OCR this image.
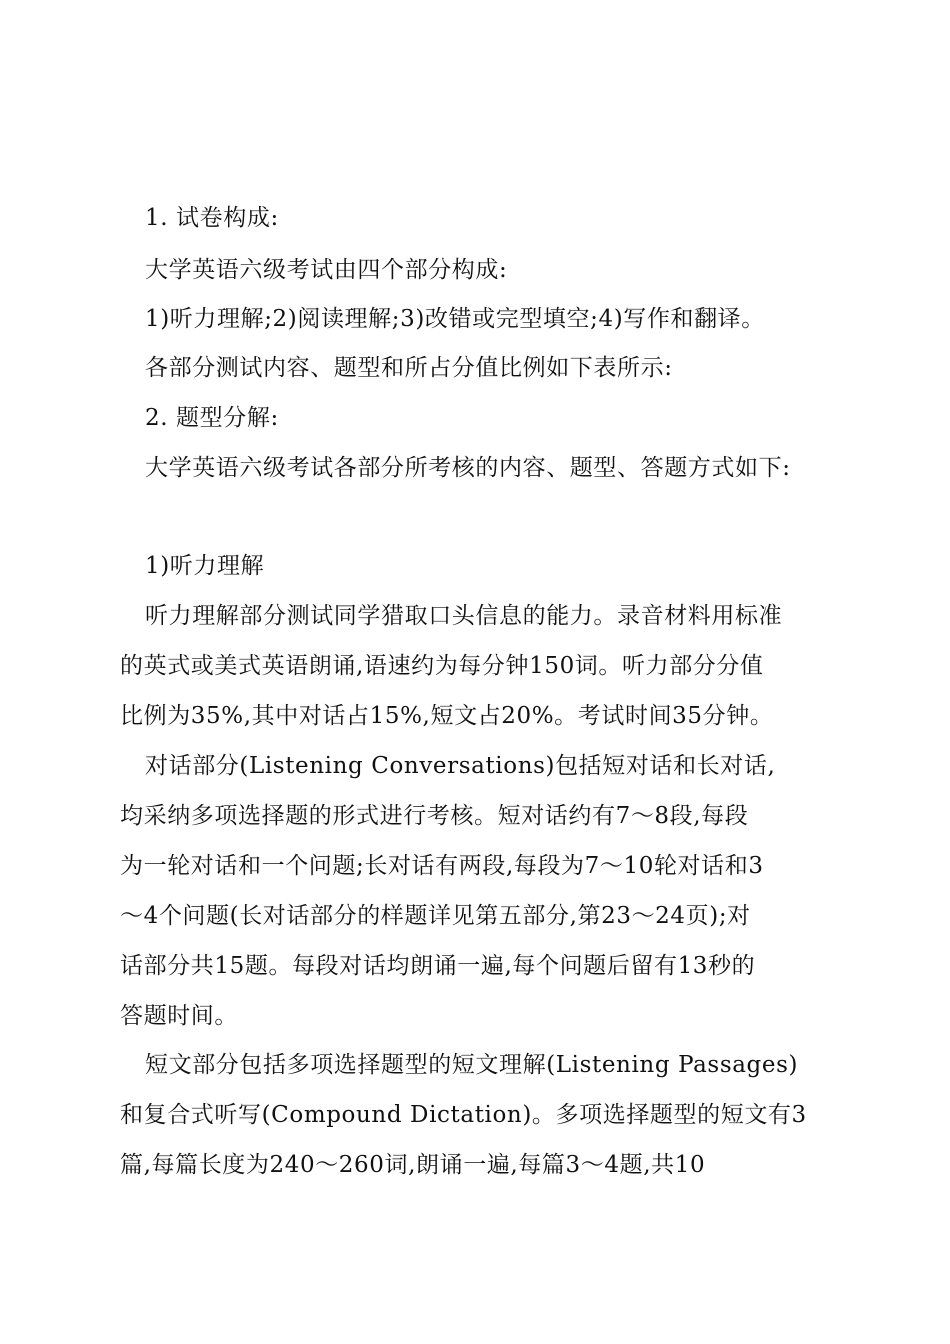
1. 试卷构成:
大学英语六级考试由四个部分构成:
1)听力理解;2)阅读理解;3)改错或完型填空;4)写作和翻译。
各部分测试内容、题型和所占分值比例如下表所示:
2. 题型分解:
大学英语六级考试各部分所考核的内容、题型、答题方式如下:
1)听力理解
听力理解部分测试同学猎取口头信息的能力。录音材料用标准
的英式或美式英语朗诵,语速约为每分钟150词。听力部分分值
比例为35%,其中对话占15%,短文占20%。考试时间35分钟。
对话部分(Listening Conversations)包括短对话和长对话,
均采纳多项选择题的形式进行考核。短对话约有7～8段,每段
为一轮对话和一个问题;长对话有两段,每段为7～10轮对话和3
～4个问题(长对话部分的样题详见第五部分,第23～24页);对
话部分共15题。每段对话均朗诵一遍,每个问题后留有13秒的
答题时间。
短文部分包括多项选择题型的短文理解(Listening Passages)
和复合式听写(Compound Dictation)。多项选择题型的短文有3
篇,每篇长度为240～260词,朗诵一遍,每篇3～4题,共10
